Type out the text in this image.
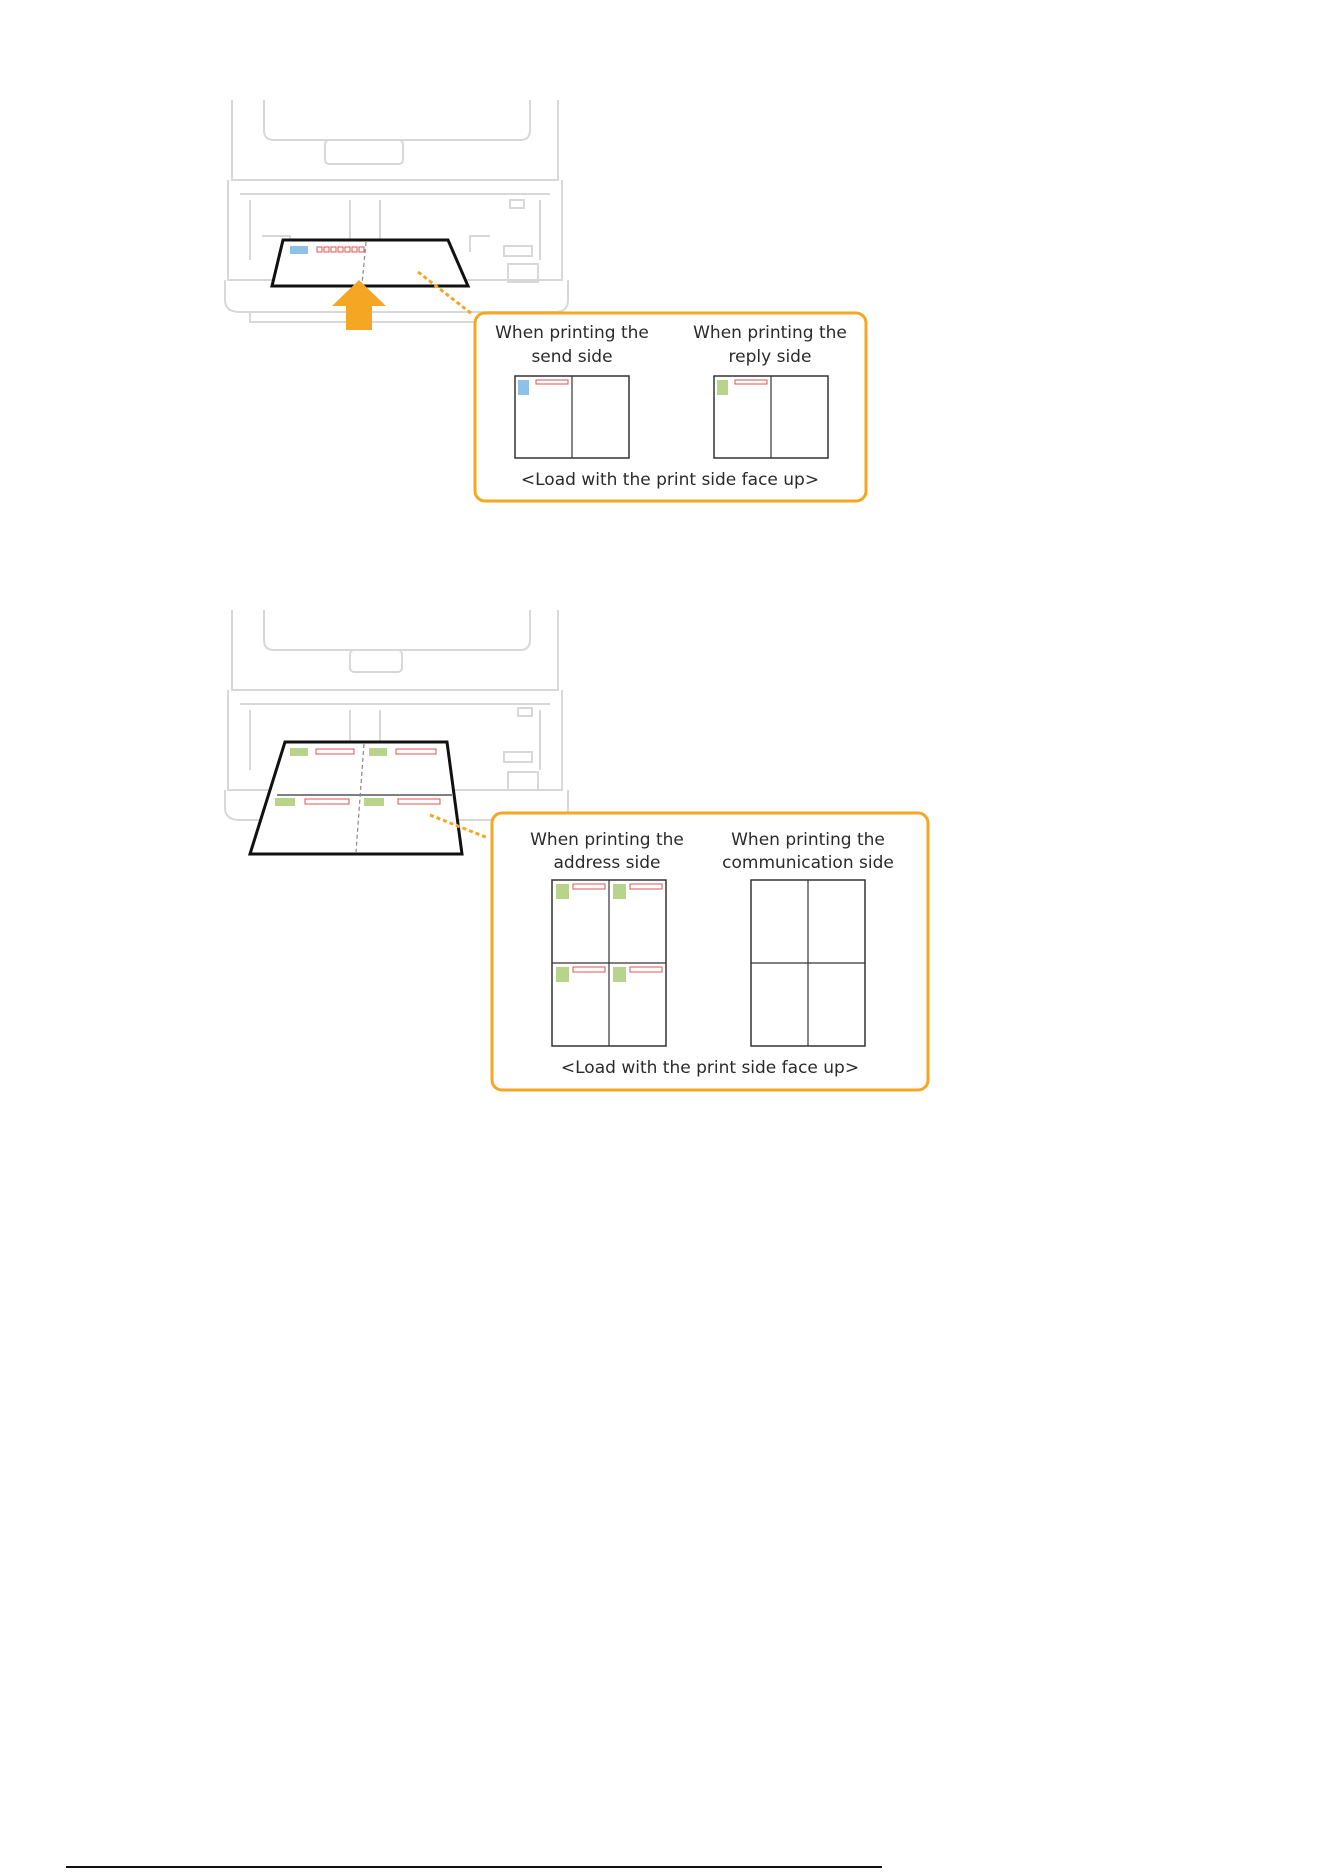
When printing the
send side
When printing the
reply side
<Load with the print side face up>
When printing the
address side
When printing the
communication side
<Load with the print side face up>
